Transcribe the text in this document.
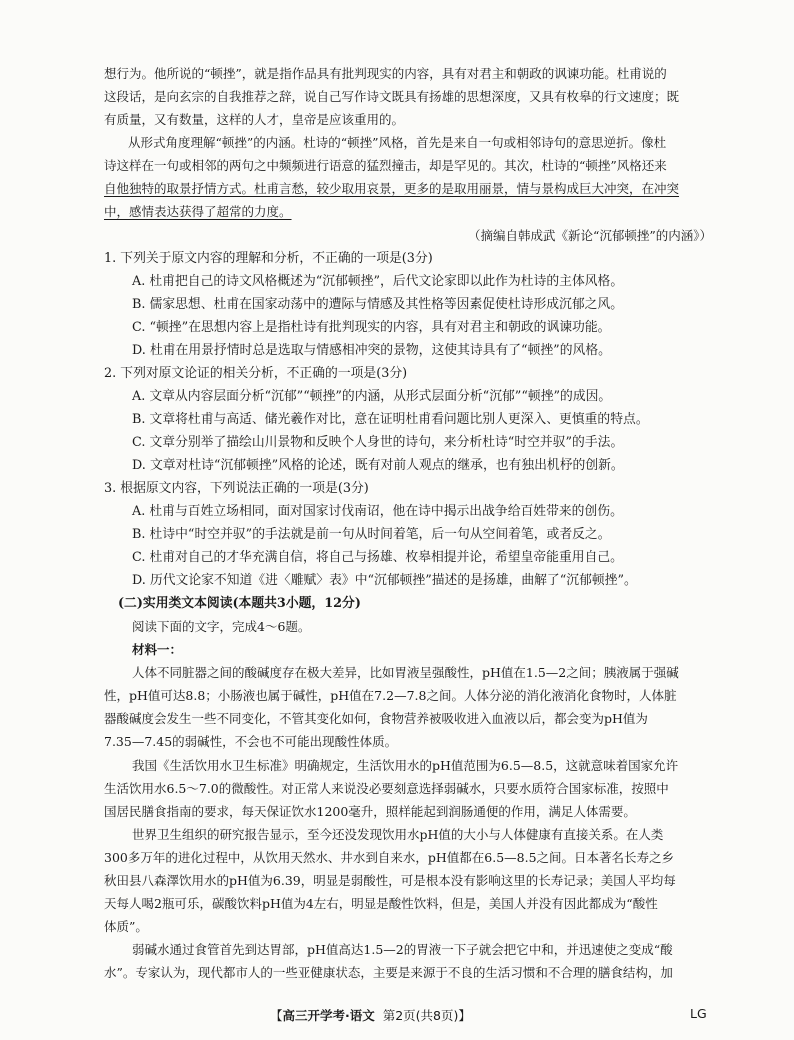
想行为。他所说的“顿挫”，就是指作品具有批判现实的内容，具有对君主和朝政的讽谏功能。杜甫说的
这段话，是向玄宗的自我推荐之辞，说自己写作诗文既具有扬雄的思想深度，又具有枚皋的行文速度；既
有质量，又有数量，这样的人才，皇帝是应该重用的。
从形式角度理解“顿挫”的内涵。杜诗的“顿挫”风格，首先是来自一句或相邻诗句的意思逆折。像杜
诗这样在一句或相邻的两句之中频频进行语意的猛烈撞击，却是罕见的。其次，杜诗的“顿挫”风格还来
自他独特的取景抒情方式。杜甫言愁，较少取用哀景，更多的是取用丽景，情与景构成巨大冲突，在冲突
中，感情表达获得了超常的力度。
（摘编自韩成武《新论“沉郁顿挫”的内涵》）
1. 下列关于原文内容的理解和分析，不正确的一项是(3分)
A. 杜甫把自己的诗文风格概述为“沉郁顿挫”，后代文论家即以此作为杜诗的主体风格。
B. 儒家思想、杜甫在国家动荡中的遭际与情感及其性格等因素促使杜诗形成沉郁之风。
C. “顿挫”在思想内容上是指杜诗有批判现实的内容，具有对君主和朝政的讽谏功能。
D. 杜甫在用景抒情时总是选取与情感相冲突的景物，这使其诗具有了“顿挫”的风格。
2. 下列对原文论证的相关分析，不正确的一项是(3分)
A. 文章从内容层面分析“沉郁”“顿挫”的内涵，从形式层面分析“沉郁”“顿挫”的成因。
B. 文章将杜甫与高适、储光羲作对比，意在证明杜甫看问题比别人更深入、更慎重的特点。
C. 文章分别举了描绘山川景物和反映个人身世的诗句，来分析杜诗“时空并驭”的手法。
D. 文章对杜诗“沉郁顿挫”风格的论述，既有对前人观点的继承，也有独出机杼的创新。
3. 根据原文内容，下列说法正确的一项是(3分)
A. 杜甫与百姓立场相同，面对国家讨伐南诏，他在诗中揭示出战争给百姓带来的创伤。
B. 杜诗中“时空并驭”的手法就是前一句从时间着笔，后一句从空间着笔，或者反之。
C. 杜甫对自己的才华充满自信，将自己与扬雄、枚皋相提并论，希望皇帝能重用自己。
D. 历代文论家不知道《进〈雕赋〉表》中“沉郁顿挫”描述的是扬雄，曲解了“沉郁顿挫”。
(二)实用类文本阅读(本题共3小题，12分)
阅读下面的文字，完成4～6题。
材料一：
人体不同脏器之间的酸碱度存在极大差异，比如胃液呈强酸性，pH值在1.5—2之间；胰液属于强碱
性，pH值可达8.8；小肠液也属于碱性，pH值在7.2—7.8之间。人体分泌的消化液消化食物时，人体脏
器酸碱度会发生一些不同变化，不管其变化如何，食物营养被吸收进入血液以后，都会变为pH值为
7.35—7.45的弱碱性，不会也不可能出现酸性体质。
我国《生活饮用水卫生标准》明确规定，生活饮用水的pH值范围为6.5—8.5，这就意味着国家允许
生活饮用水6.5～7.0的微酸性。对正常人来说没必要刻意选择弱碱水，只要水质符合国家标准，按照中
国居民膳食指南的要求，每天保证饮水1200毫升，照样能起到润肠通便的作用，满足人体需要。
世界卫生组织的研究报告显示，至今还没发现饮用水pH值的大小与人体健康有直接关系。在人类
300多万年的进化过程中，从饮用天然水、井水到自来水，pH值都在6.5—8.5之间。日本著名长寿之乡
秋田县八森澤饮用水的pH值为6.39，明显是弱酸性，可是根本没有影响这里的长寿记录；美国人平均每
天每人喝2瓶可乐，碳酸饮料pH值为4左右，明显是酸性饮料，但是，美国人并没有因此都成为“酸性
体质”。
弱碱水通过食管首先到达胃部，pH值高达1.5—2的胃液一下子就会把它中和，并迅速使之变成“酸
水”。专家认为，现代都市人的一些亚健康状态，主要是来源于不良的生活习惯和不合理的膳食结构，加
【高三开学考·语文 第2页(共8页)】	LG
